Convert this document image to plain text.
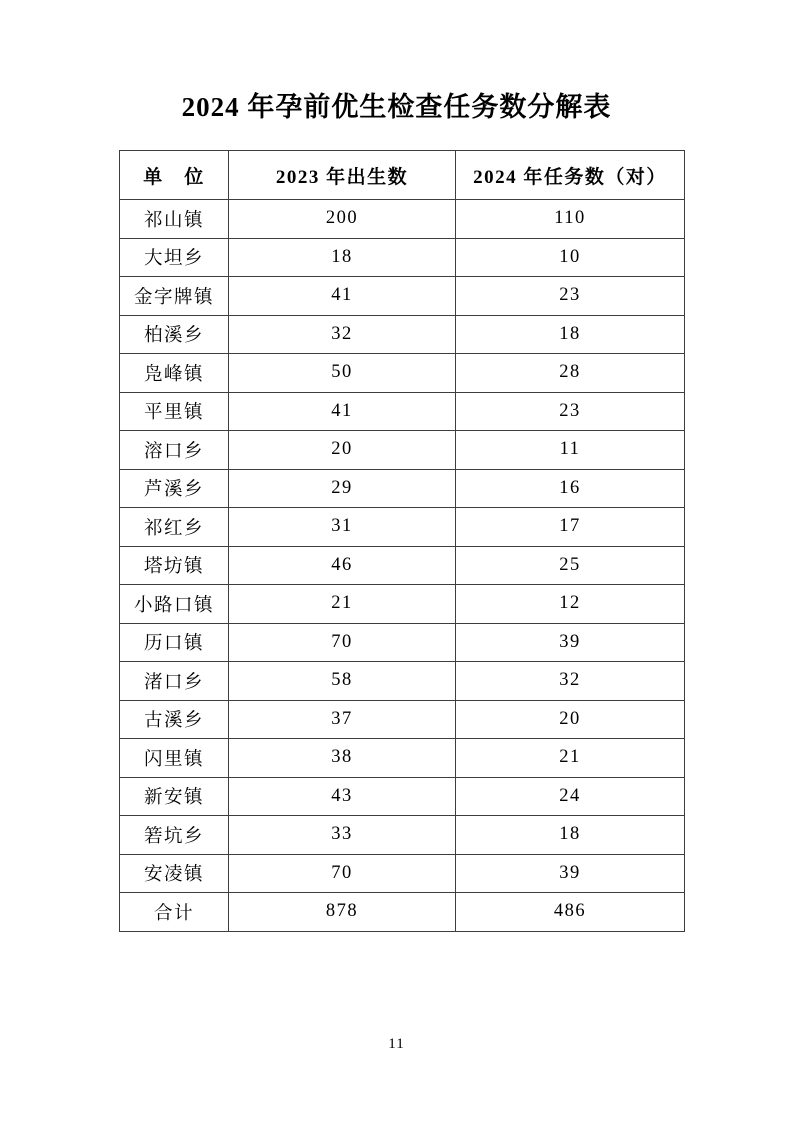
2024 年孕前优生检查任务数分解表
单　位	2023 年出生数	2024 年任务数（对）
祁山镇	200	110
大坦乡	18	10
金字牌镇	41	23
柏溪乡	32	18
凫峰镇	50	28
平里镇	41	23
溶口乡	20	11
芦溪乡	29	16
祁红乡	31	17
塔坊镇	46	25
小路口镇	21	12
历口镇	70	39
渚口乡	58	32
古溪乡	37	20
闪里镇	38	21
新安镇	43	24
箬坑乡	33	18
安凌镇	70	39
合计	878	486
11
